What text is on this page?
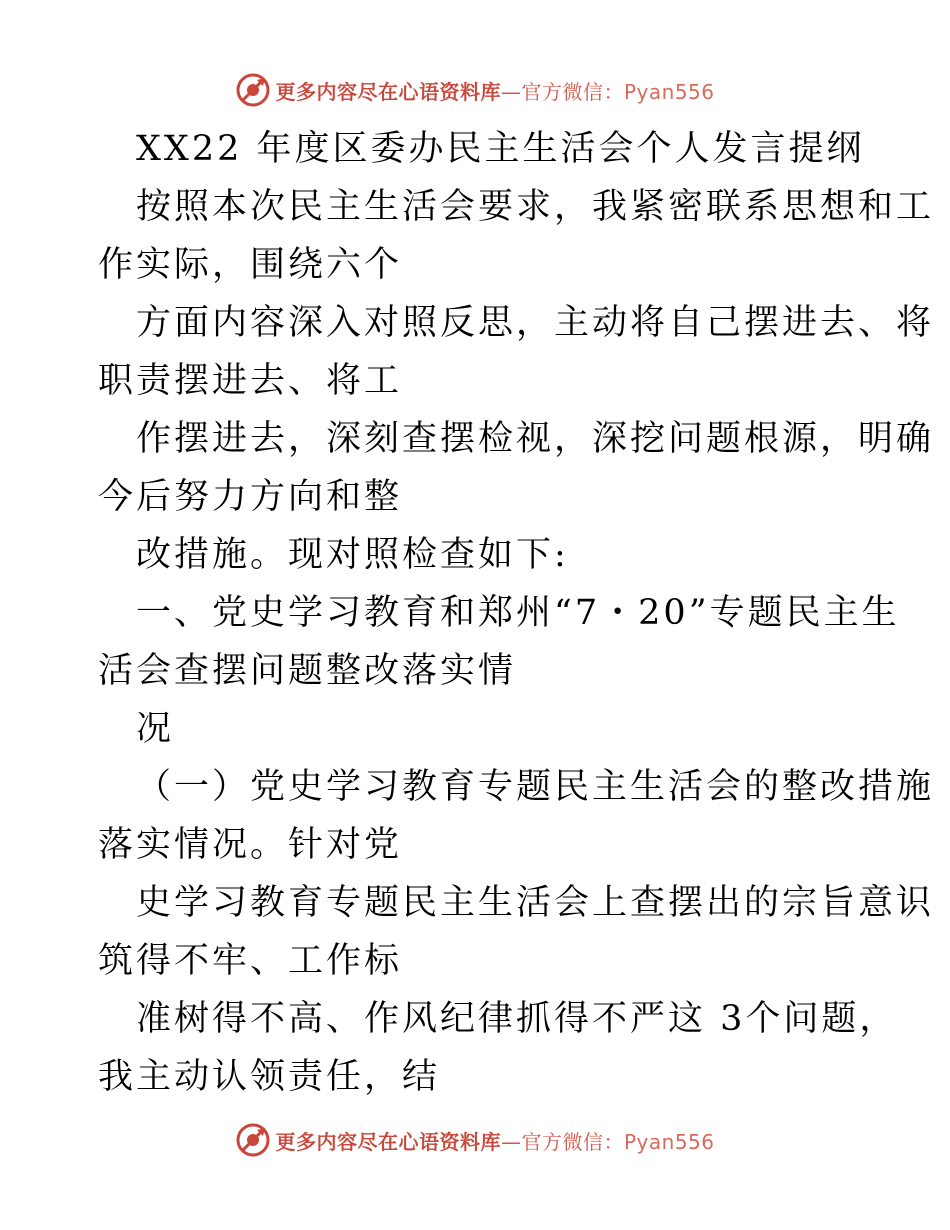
更多内容尽在心语资料库—官方微信：Pyan556
XX22 年度区委办民主生活会个人发言提纲
按照本次民主生活会要求，我紧密联系思想和工
作实际，围绕六个
方面内容深入对照反思，主动将自己摆进去、将
职责摆进去、将工
作摆进去，深刻查摆检视，深挖问题根源，明确
今后努力方向和整
改措施。现对照检查如下:
一、党史学习教育和郑州“7・20”专题民主生
活会查摆问题整改落实情
况
（一）党史学习教育专题民主生活会的整改措施
落实情况。针对党
史学习教育专题民主生活会上查摆出的宗旨意识
筑得不牢、工作标
准树得不高、作风纪律抓得不严这 3个问题，
我主动认领责任，结
更多内容尽在心语资料库—官方微信：Pyan556
